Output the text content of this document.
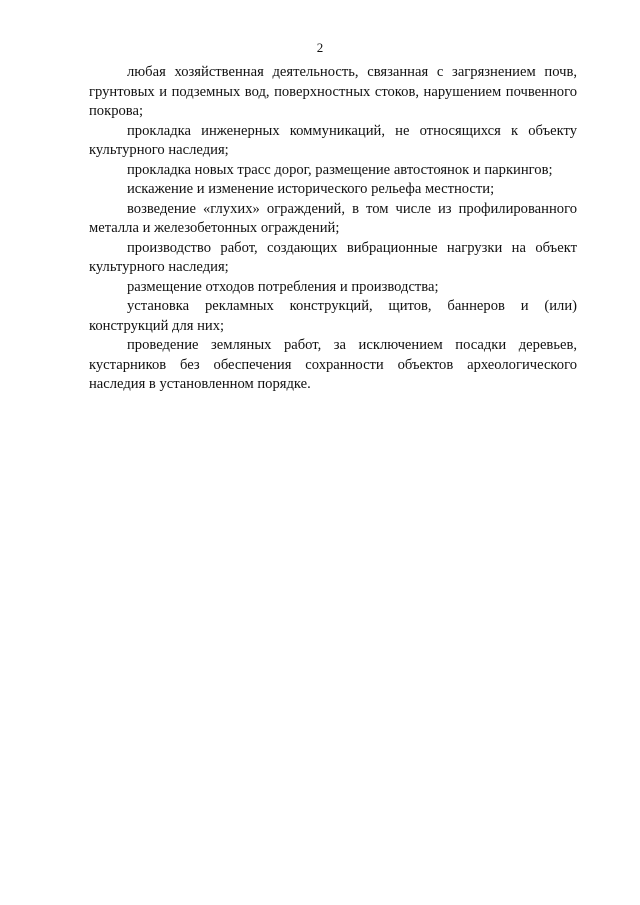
2

любая хозяйственная деятельность, связанная с загрязнением почв, грунтовых и подземных вод, поверхностных стоков, нарушением почвенного покрова;

прокладка инженерных коммуникаций, не относящихся к объекту культурного наследия;

прокладка новых трасс дорог, размещение автостоянок и паркингов;

искажение и изменение исторического рельефа местности;

возведение «глухих» ограждений, в том числе из профилированного металла и железобетонных ограждений;

производство работ, создающих вибрационные нагрузки на объект культурного наследия;

размещение отходов потребления и производства;

установка рекламных конструкций, щитов, баннеров и (или) конструкций для них;

проведение земляных работ, за исключением посадки деревьев, кустарников без обеспечения сохранности объектов археологического наследия в установленном порядке.
